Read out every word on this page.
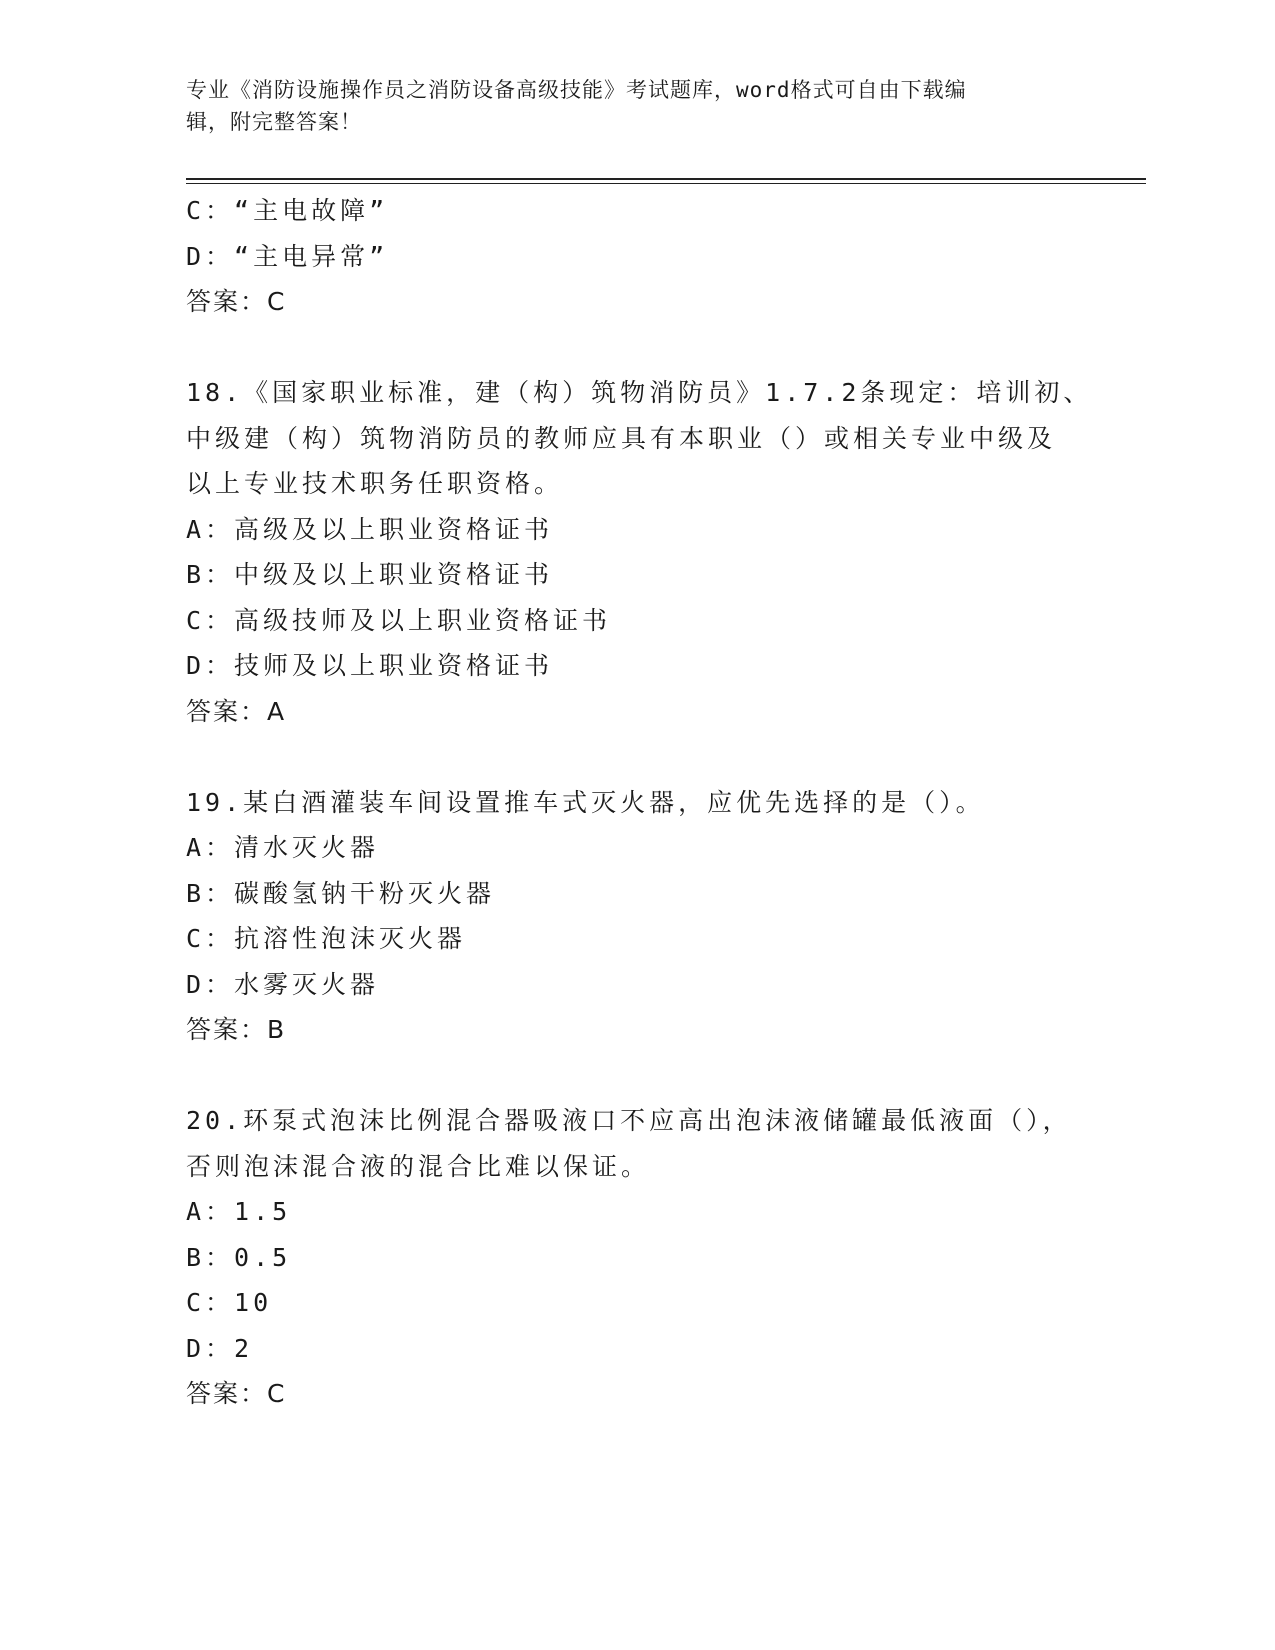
专业《消防设施操作员之消防设备高级技能》考试题库，word格式可自由下载编
辑，附完整答案！
C：“主电故障”
D：“主电异常”
答案：C
18.《国家职业标准，建（构）筑物消防员》1.7.2条现定：培训初、
中级建（构）筑物消防员的教师应具有本职业（）或相关专业中级及
以上专业技术职务任职资格。
A：高级及以上职业资格证书
B：中级及以上职业资格证书
C：高级技师及以上职业资格证书
D：技师及以上职业资格证书
答案：A
19.某白酒灌装车间设置推车式灭火器，应优先选择的是（）。
A：清水灭火器
B：碳酸氢钠干粉灭火器
C：抗溶性泡沫灭火器
D：水雾灭火器
答案：B
20.环泵式泡沫比例混合器吸液口不应高出泡沫液储罐最低液面（），
否则泡沫混合液的混合比难以保证。
A：1.5
B：0.5
C：10
D：2
答案：C
